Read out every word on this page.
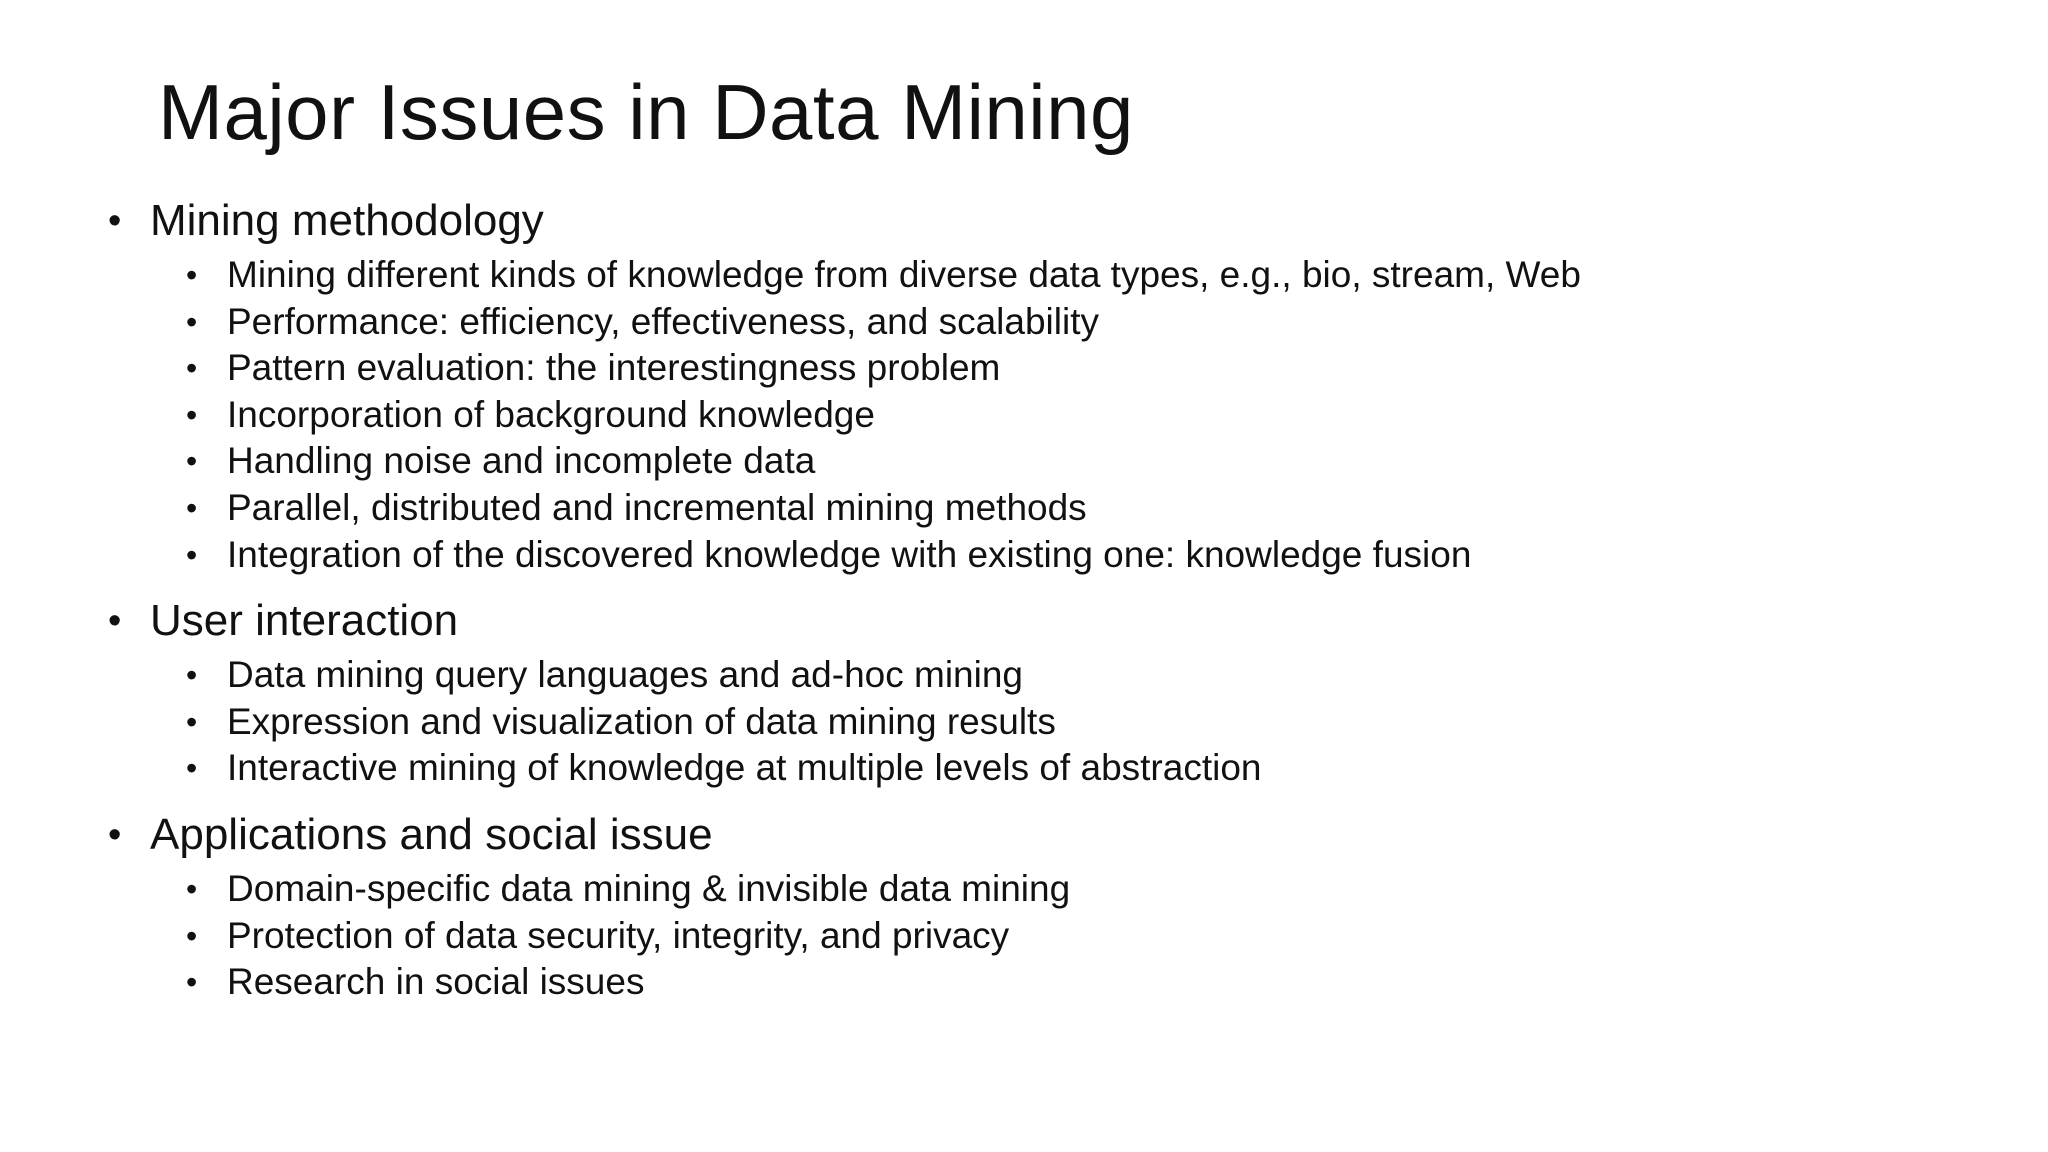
Major Issues in Data Mining
• Mining methodology
• Mining different kinds of knowledge from diverse data types, e.g., bio, stream, Web
• Performance: efficiency, effectiveness, and scalability
• Pattern evaluation: the interestingness problem
• Incorporation of background knowledge
• Handling noise and incomplete data
• Parallel, distributed and incremental mining methods
• Integration of the discovered knowledge with existing one: knowledge fusion
• User interaction
• Data mining query languages and ad-hoc mining
• Expression and visualization of data mining results
• Interactive mining of knowledge at multiple levels of abstraction
• Applications and social issue
• Domain-specific data mining & invisible data mining
• Protection of data security, integrity, and privacy
• Research in social issues
